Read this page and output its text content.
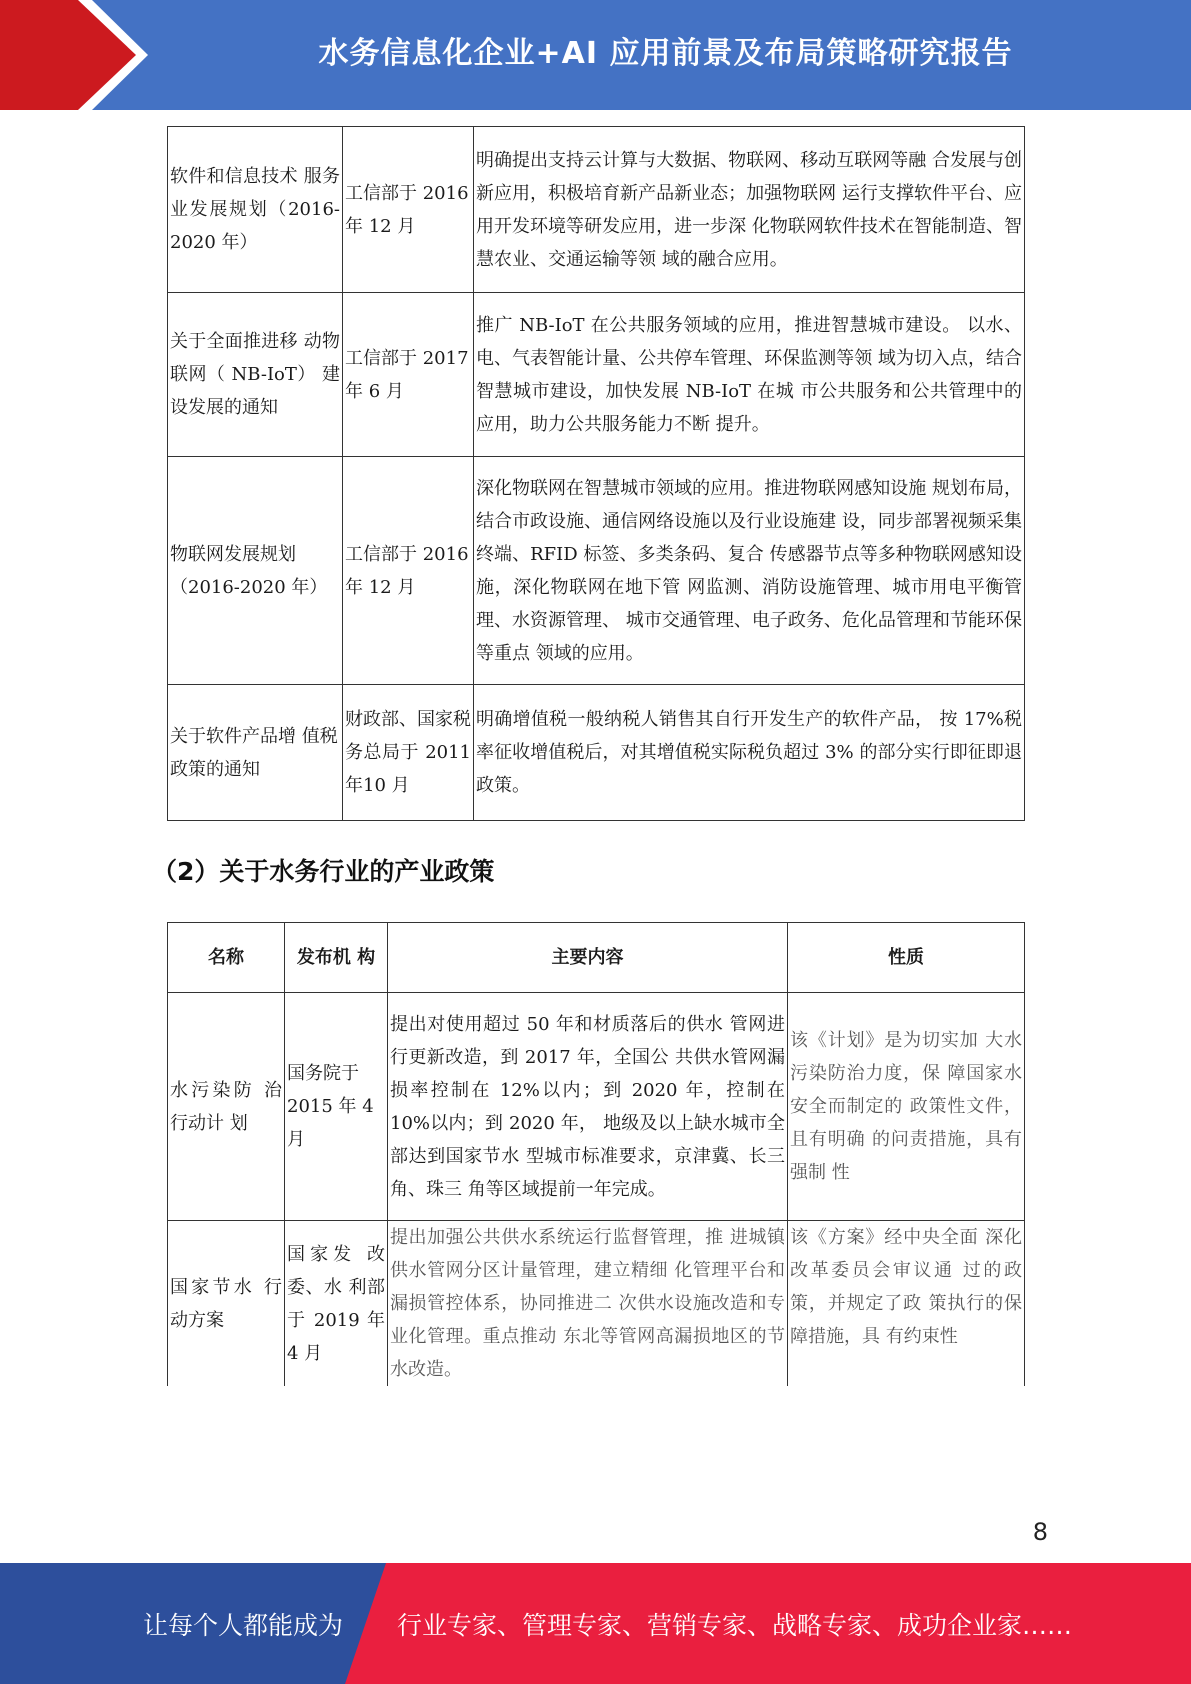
水务信息化企业+AI 应用前景及布局策略研究报告
软件和信息技术 服务业发展规划（2016-2020 年）	工信部于 2016 年 12 月	明确提出支持云计算与大数据、物联网、移动互联网等融 合发展与创新应用，积极培育新产品新业态；加强物联网 运行支撑软件平台、应用开发环境等研发应用，进一步深 化物联网软件技术在智能制造、智慧农业、交通运输等领 域的融合应用。
关于全面推进移 动物联网（ NB-IoT） 建 设发展的通知	工信部于 2017 年 6 月	推广 NB-IoT 在公共服务领域的应用，推进智慧城市建设。 以水、电、气表智能计量、公共停车管理、环保监测等领 域为切入点，结合智慧城市建设，加快发展 NB-IoT 在城 市公共服务和公共管理中的应用，助力公共服务能力不断 提升。
物联网发展规划（2016-2020 年）	工信部于 2016 年 12 月	深化物联网在智慧城市领域的应用。推进物联网感知设施 规划布局，结合市政设施、通信网络设施以及行业设施建 设，同步部署视频采集终端、RFID 标签、多类条码、复合 传感器节点等多种物联网感知设施，深化物联网在地下管 网监测、消防设施管理、城市用电平衡管理、水资源管理、 城市交通管理、电子政务、危化品管理和节能环保等重点 领域的应用。
关于软件产品增 值税政策的通知	财政部、国家税务总局于 2011 年10 月	明确增值税一般纳税人销售其自行开发生产的软件产品， 按 17%税率征收增值税后，对其增值税实际税负超过 3% 的部分实行即征即退政策。
（2）关于水务行业的产业政策
名称	发布机 构	主要内容	性质
水污染防 治行动计 划	国务院于 2015 年 4 月	提出对使用超过 50 年和材质落后的供水 管网进行更新改造，到 2017 年，全国公 共供水管网漏损率控制在 12%以内；到 2020 年，控制在 10%以内；到 2020 年， 地级及以上缺水城市全部达到国家节水 型城市标准要求，京津冀、长三角、珠三 角等区域提前一年完成。	该《计划》是为切实加 大水污染防治力度，保 障国家水安全而制定的 政策性文件，且有明确 的问责措施，具有强制 性
国家节水 行动方案	国家发 改委、水 利部于 2019 年 4 月	提出加强公共供水系统运行监督管理，推 进城镇供水管网分区计量管理，建立精细 化管理平台和漏损管控体系，协同推进二 次供水设施改造和专业化管理。重点推动 东北等管网高漏损地区的节水改造。	该《方案》经中央全面 深化改革委员会审议通 过的政策，并规定了政 策执行的保障措施，具 有约束性
8
让每个人都能成为 行业专家、管理专家、营销专家、战略专家、成功企业家……
